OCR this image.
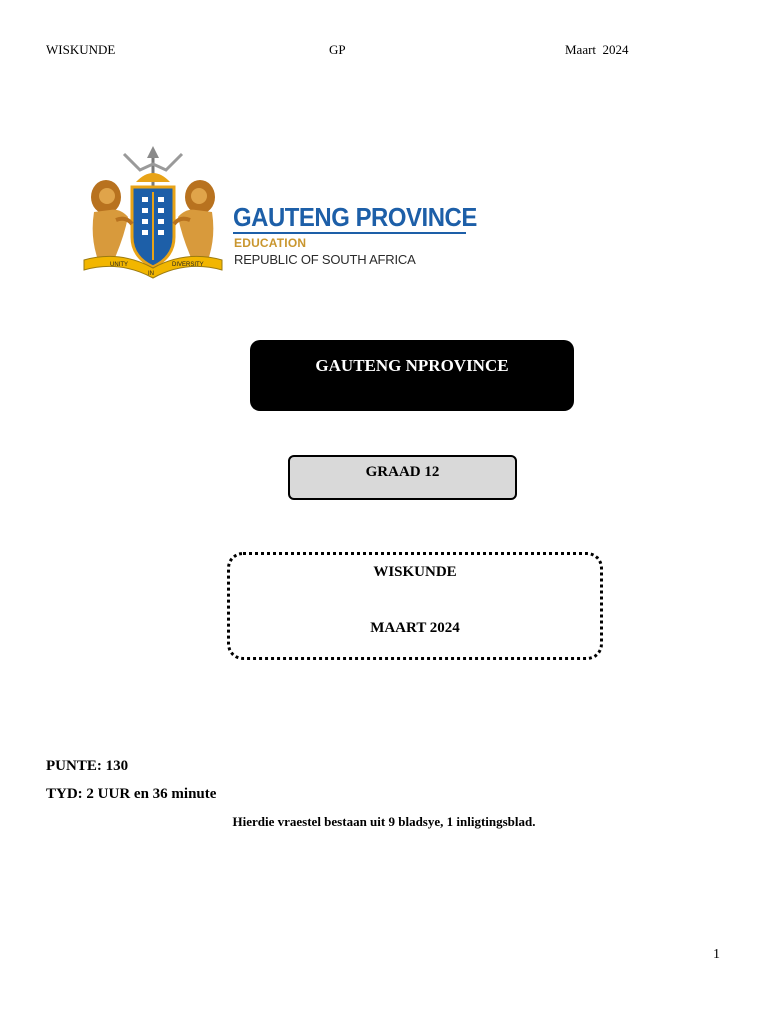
WISKUNDE	GP	Maart  2024
UNITY
IN
DIVERSITY
GAUTENG PROVINCE
EDUCATION
REPUBLIC OF SOUTH AFRICA
GAUTENG NPROVINCE
GRAAD 12
WISKUNDE
MAART 2024
PUNTE: 130
TYD: 2 UUR en 36 minute
Hierdie vraestel bestaan uit 9 bladsye, 1 inligtingsblad.
1
